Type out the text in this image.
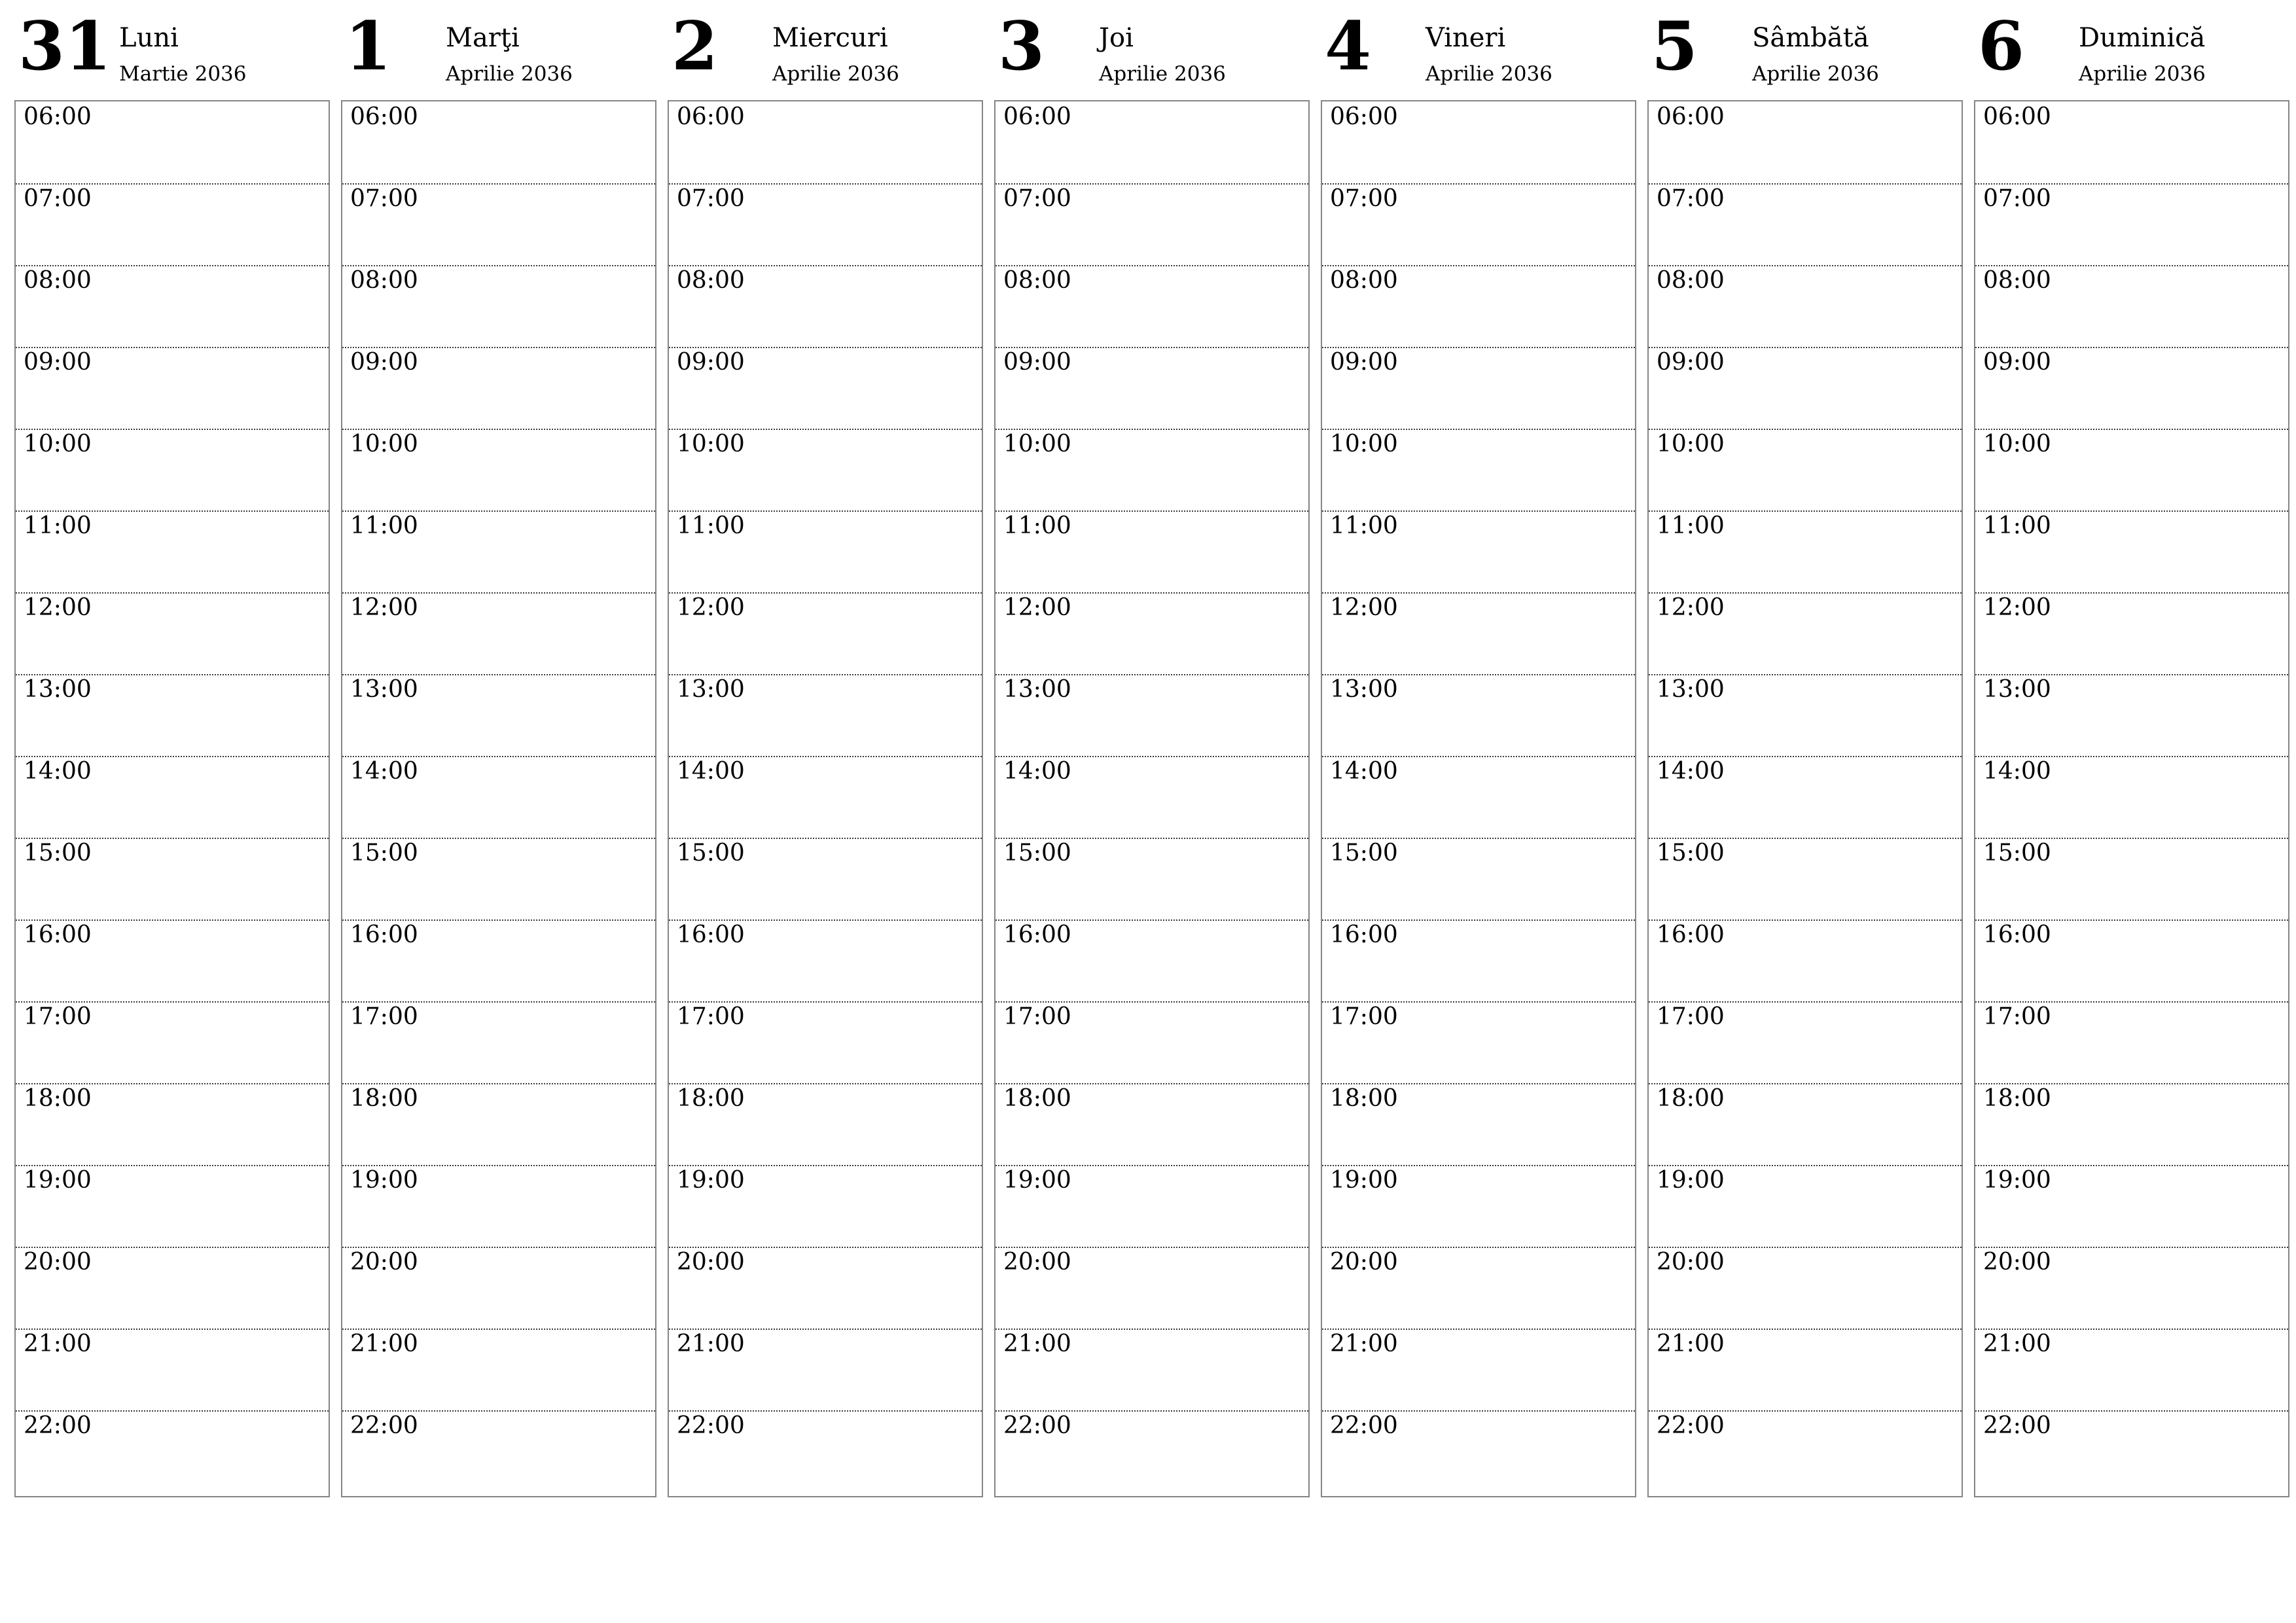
31 Luni
Martie 2036
06:00
07:00
08:00
09:00
10:00
11:00
12:00
13:00
14:00
15:00
16:00
17:00
18:00
19:00
20:00
21:00
22:00
1 Marţi
Aprilie 2036
06:00
07:00
08:00
09:00
10:00
11:00
12:00
13:00
14:00
15:00
16:00
17:00
18:00
19:00
20:00
21:00
22:00
2 Miercuri
Aprilie 2036
06:00
07:00
08:00
09:00
10:00
11:00
12:00
13:00
14:00
15:00
16:00
17:00
18:00
19:00
20:00
21:00
22:00
3 Joi
Aprilie 2036
06:00
07:00
08:00
09:00
10:00
11:00
12:00
13:00
14:00
15:00
16:00
17:00
18:00
19:00
20:00
21:00
22:00
4 Vineri
Aprilie 2036
06:00
07:00
08:00
09:00
10:00
11:00
12:00
13:00
14:00
15:00
16:00
17:00
18:00
19:00
20:00
21:00
22:00
5 Sâmbătă
Aprilie 2036
06:00
07:00
08:00
09:00
10:00
11:00
12:00
13:00
14:00
15:00
16:00
17:00
18:00
19:00
20:00
21:00
22:00
6 Duminică
Aprilie 2036
06:00
07:00
08:00
09:00
10:00
11:00
12:00
13:00
14:00
15:00
16:00
17:00
18:00
19:00
20:00
21:00
22:00
